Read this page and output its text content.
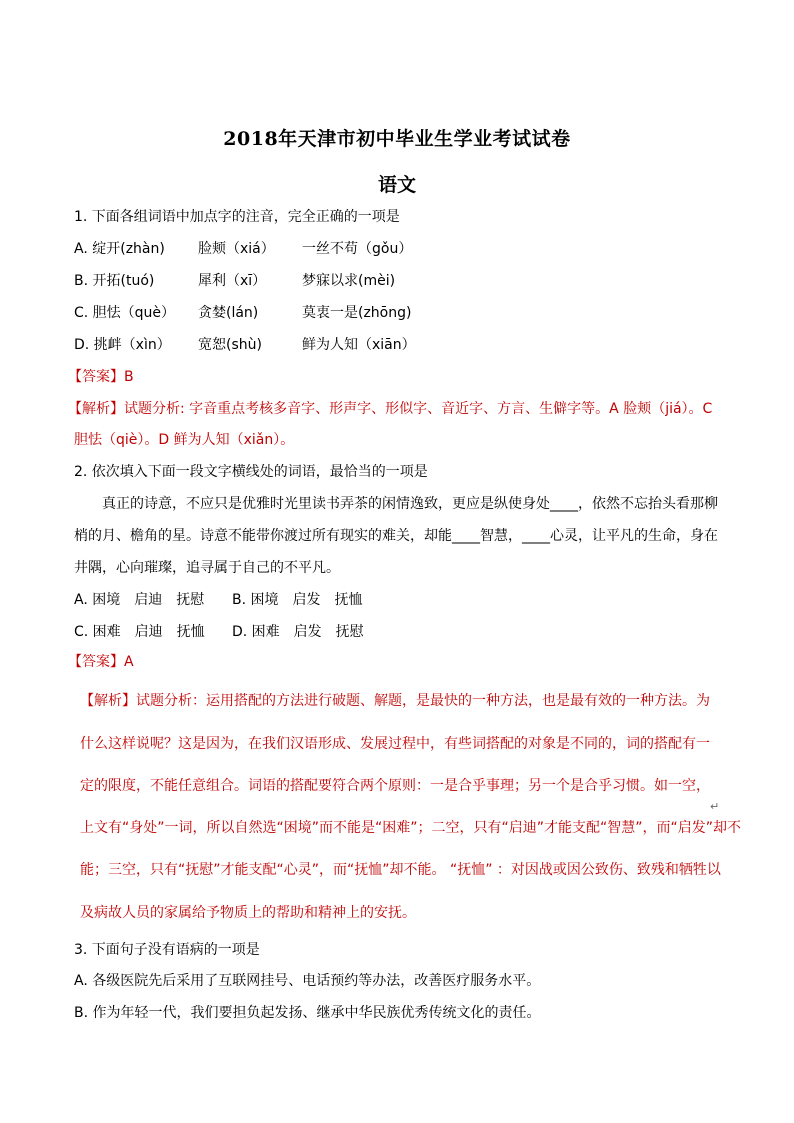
2018年天津市初中毕业生学业考试试卷
语文
1. 下面各组词语中加点字的注音，完全正确的一项是
A. 绽开(zhàn) 脸颊（xiá） 一丝不苟（gǒu）
B. 开拓(tuó)	犀利（xī）	梦寐以求(mèi)
C. 胆怯（què） 贪婪(lán)	莫衷一是(zhōng)
D. 挑衅（xìn） 宽恕(shù)	鲜为人知（xiān）
【答案】B
【解析】试题分析: 字音重点考核多音字、形声字、形似字、音近字、方言、生僻字等。A 脸颊（jiá）。C
胆怯（qiè）。D 鲜为人知（xiǎn）。
2. 依次填入下面一段文字横线处的词语，最恰当的一项是
真正的诗意，不应只是优雅时光里读书弄茶的闲情逸致，更应是纵使身处____，依然不忘抬头看那柳
梢的月、檐角的星。诗意不能带你渡过所有现实的难关，却能____智慧，____心灵，让平凡的生命，身在
井隅，心向璀璨，追寻属于自己的不平凡。
A. 困境　启迪　抚慰 B. 困境　启发　抚恤
C. 困难　启迪　抚恤 D. 困难　启发　抚慰
【答案】A
【解析】试题分析：运用搭配的方法进行破题、解题，是最快的一种方法，也是最有效的一种方法。为
什么这样说呢？这是因为，在我们汉语形成、发展过程中，有些词搭配的对象是不同的，词的搭配有一
定的限度，不能任意组合。词语的搭配要符合两个原则：一是合乎事理；另一个是合乎习惯。如一空，
↵
上文有“身处”一词，所以自然选“困境”而不能是“困难”；二空，只有“启迪”才能支配“智慧”，而“启发”却不
能；三空，只有“抚慰”才能支配“心灵”，而“抚恤”却不能。 “抚恤” ：对因战或因公致伤、致残和牺牲以
及病故人员的家属给予物质上的帮助和精神上的安抚。
3. 下面句子没有语病的一项是
A. 各级医院先后采用了互联网挂号、电话预约等办法，改善医疗服务水平。
B. 作为年轻一代，我们要担负起发扬、继承中华民族优秀传统文化的责任。
